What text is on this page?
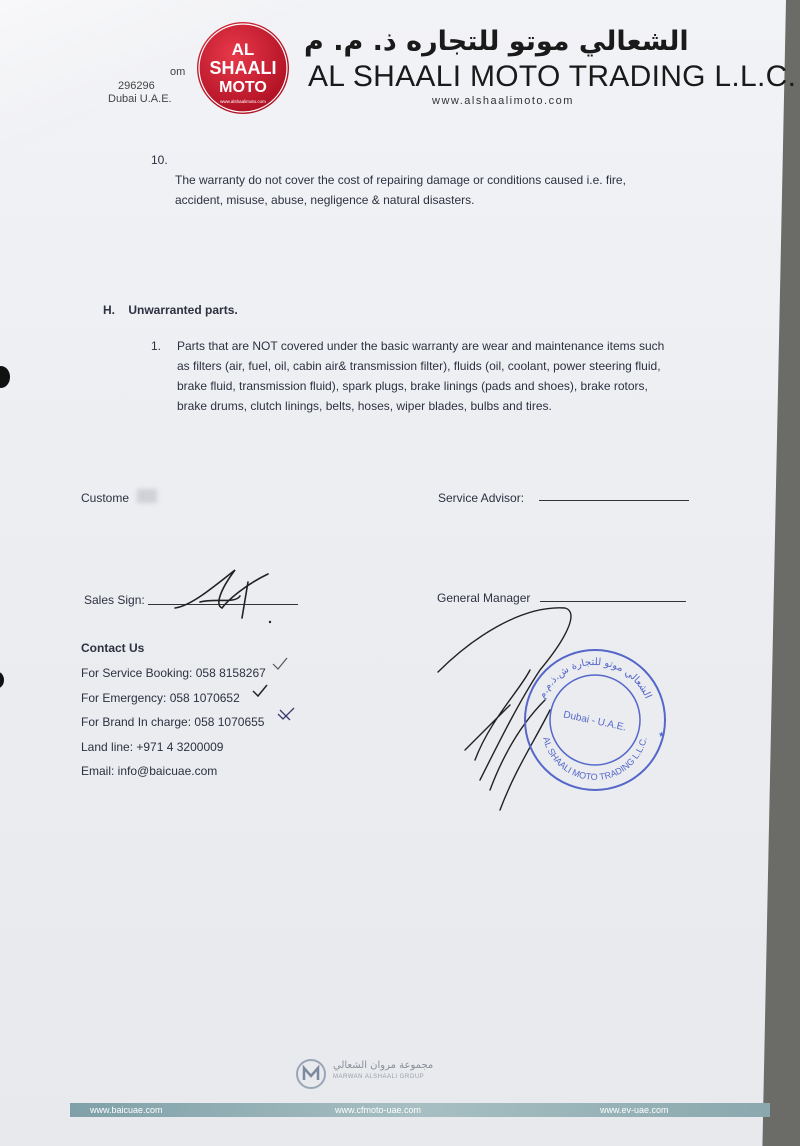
om
296296
Dubai U.A.E.
AL
SHAALI
MOTO
www.alshaalimoto.com
الشعالي موتو للتجاره ذ. م. م
AL SHAALI MOTO TRADING L.L.C.
www.alshaalimoto.com
10.
The warranty do not cover the cost of repairing damage or conditions caused i.e. fire,
accident, misuse, abuse, negligence & natural disasters.
H.    Unwarranted parts.
1. Parts that are NOT covered under the basic warranty are wear and maintenance items such
as filters (air, fuel, oil, cabin air& transmission filter), fluids (oil, coolant, power steering fluid,
brake fluid, transmission fluid), spark plugs, brake linings (pads and shoes), brake rotors,
brake drums, clutch linings, belts, hoses, wiper blades, bulbs and tires.
Custome	Service Advisor:
Sales Sign:	General Manager
Contact Us
For Service Booking: 058 8158267
For Emergency: 058 1070652
For Brand In charge: 058 1070655
Land line: +971 4 3200009
Email: info@baicuae.com
الشعالي موتو للتجارة ش.ذ.م.م
AL SHAALI MOTO TRADING L.L.C.
Dubai - U.A.E.
★
مجموعة مروان الشعالي
MARWAN ALSHAALI GROUP
www.baicuae.com	www.cfmoto-uae.com	www.ev-uae.com
